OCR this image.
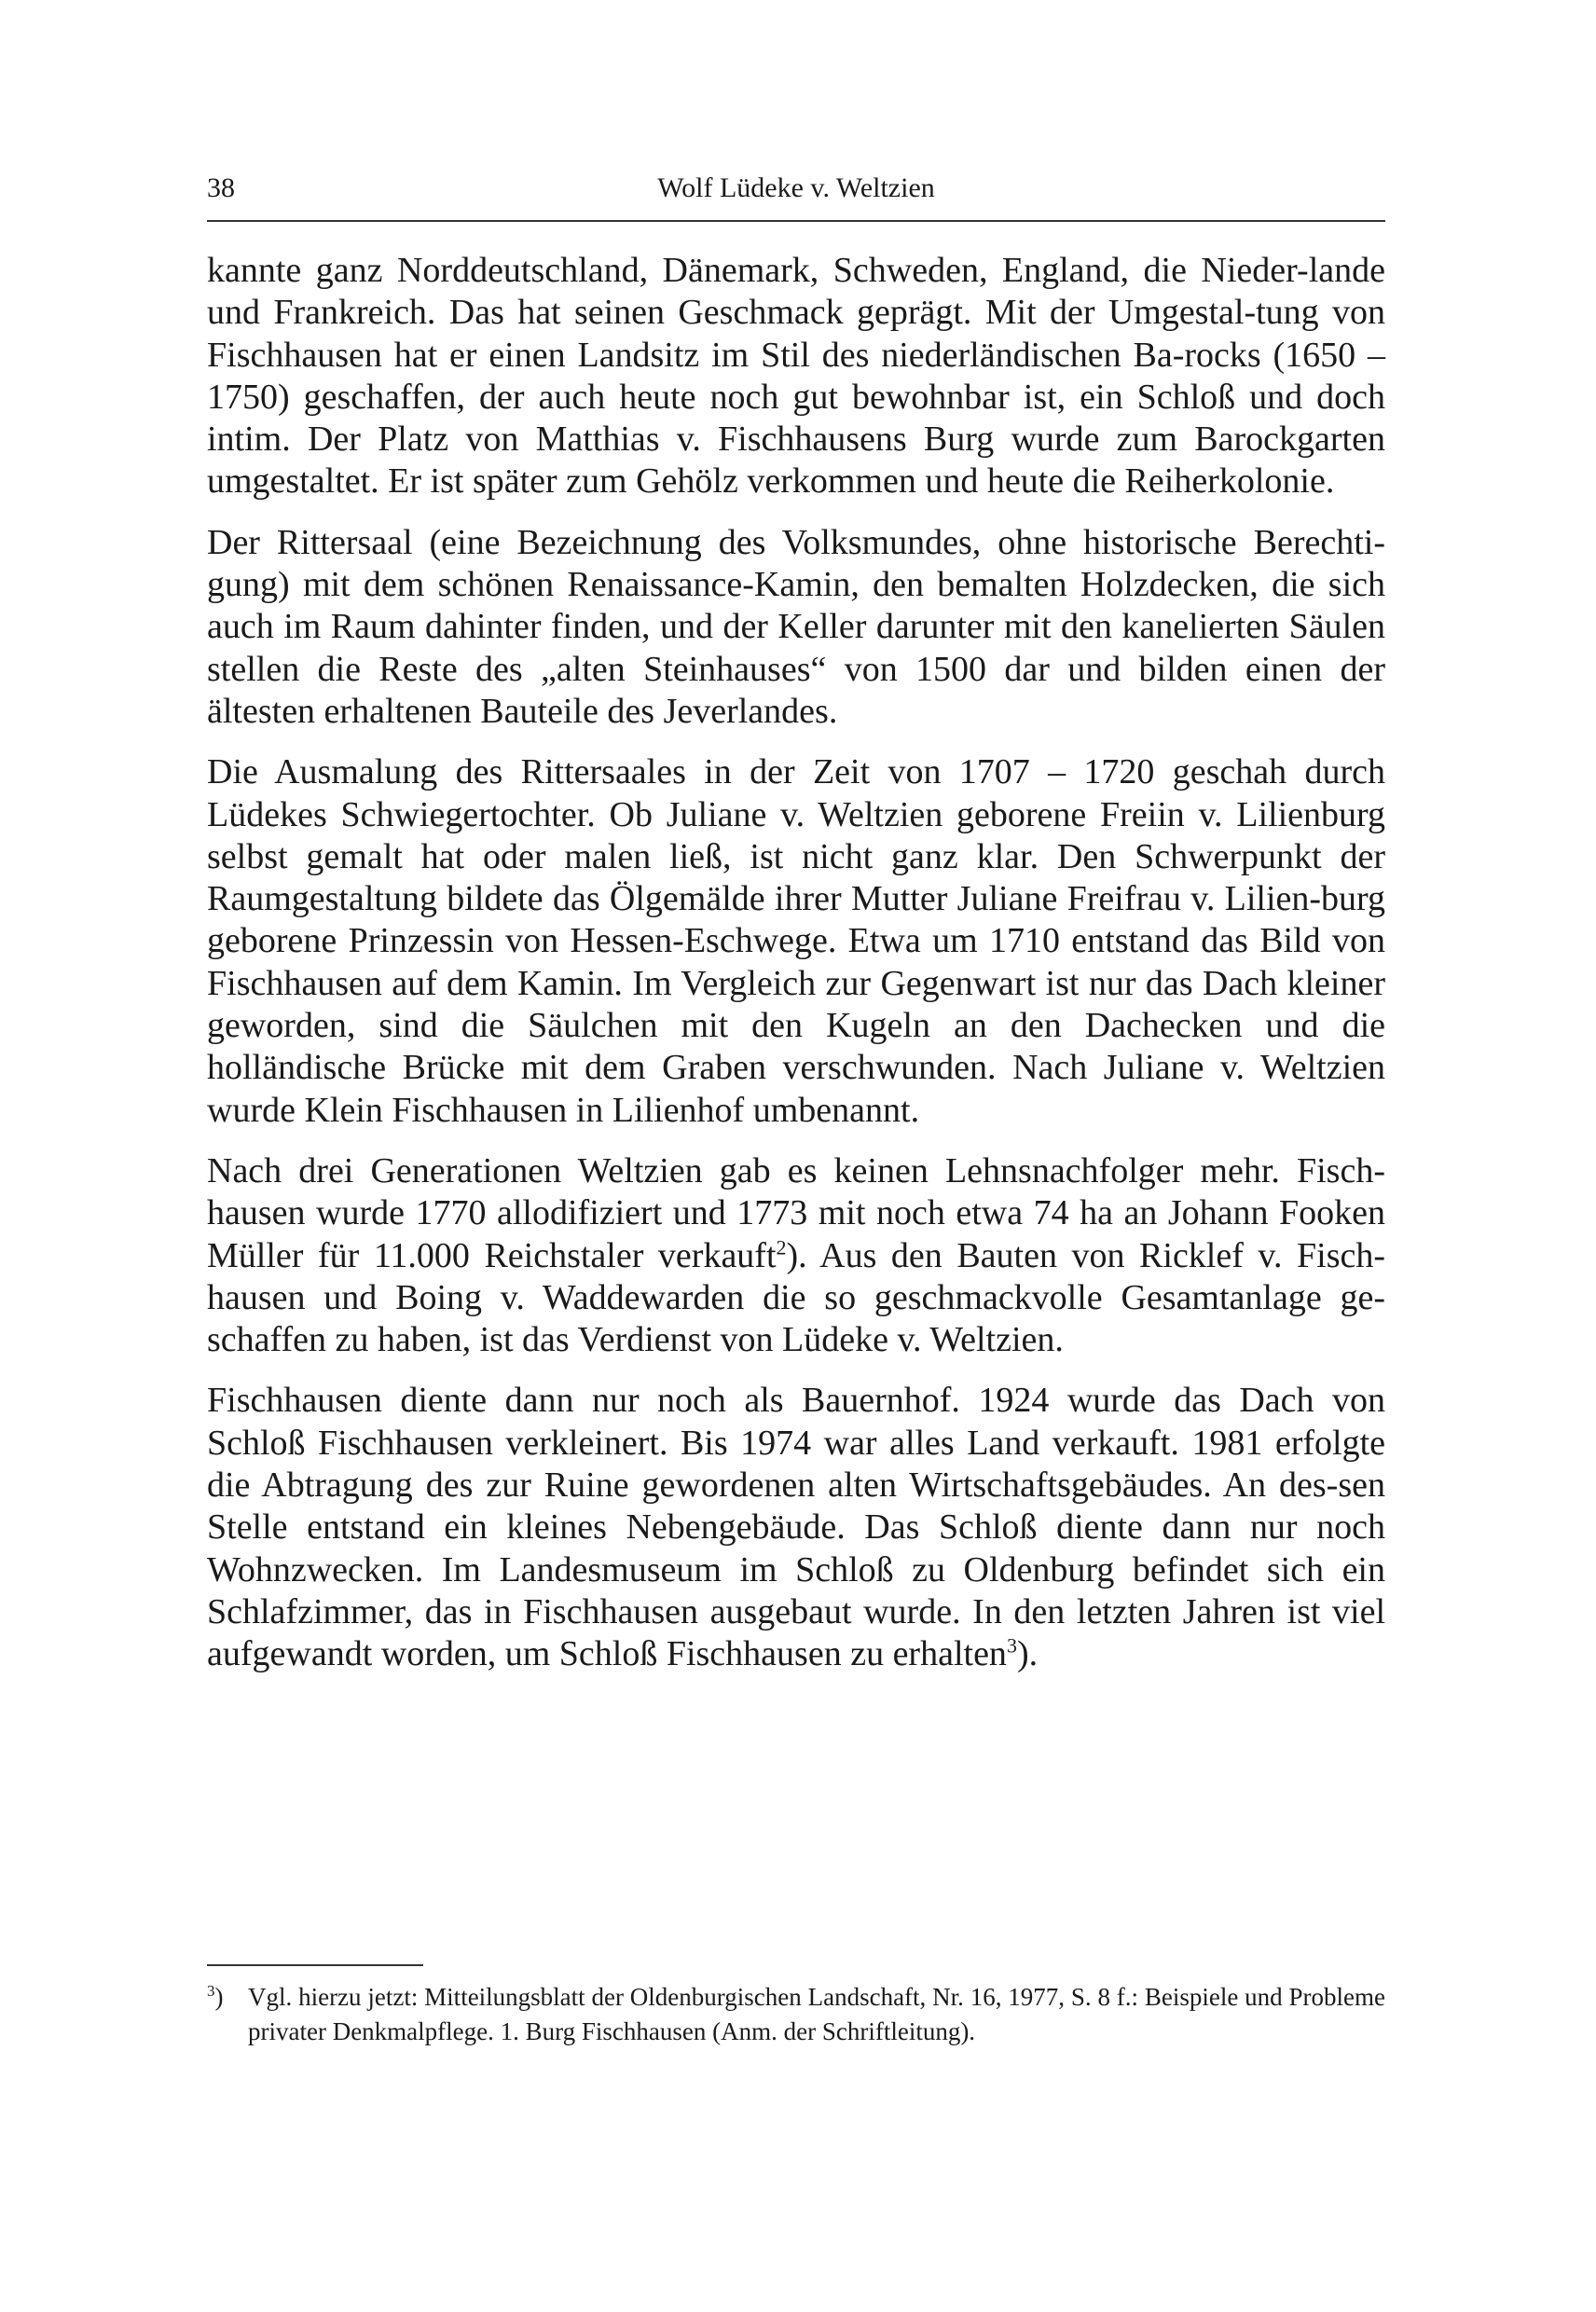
38	Wolf Lüdeke v. Weltzien

kannte ganz Norddeutschland, Dänemark, Schweden, England, die Nieder-lande und Frankreich. Das hat seinen Geschmack geprägt. Mit der Umgestal-tung von Fischhausen hat er einen Landsitz im Stil des niederländischen Ba-rocks (1650 – 1750) geschaffen, der auch heute noch gut bewohnbar ist, ein Schloß und doch intim. Der Platz von Matthias v. Fischhausens Burg wurde zum Barockgarten umgestaltet. Er ist später zum Gehölz verkommen und heute die Reiherkolonie.

Der Rittersaal (eine Bezeichnung des Volksmundes, ohne historische Berechti-gung) mit dem schönen Renaissance-Kamin, den bemalten Holzdecken, die sich auch im Raum dahinter finden, und der Keller darunter mit den kanelierten Säulen stellen die Reste des „alten Steinhauses“ von 1500 dar und bilden einen der ältesten erhaltenen Bauteile des Jeverlandes.

Die Ausmalung des Rittersaales in der Zeit von 1707 – 1720 geschah durch Lüdekes Schwiegertochter. Ob Juliane v. Weltzien geborene Freiin v. Lilienburg selbst gemalt hat oder malen ließ, ist nicht ganz klar. Den Schwerpunkt der Raumgestaltung bildete das Ölgemälde ihrer Mutter Juliane Freifrau v. Lilien-burg geborene Prinzessin von Hessen-Eschwege. Etwa um 1710 entstand das Bild von Fischhausen auf dem Kamin. Im Vergleich zur Gegenwart ist nur das Dach kleiner geworden, sind die Säulchen mit den Kugeln an den Dachecken und die holländische Brücke mit dem Graben verschwunden. Nach Juliane v. Weltzien wurde Klein Fischhausen in Lilienhof umbenannt.

Nach drei Generationen Weltzien gab es keinen Lehnsnachfolger mehr. Fisch-hausen wurde 1770 allodifiziert und 1773 mit noch etwa 74 ha an Johann Fooken Müller für 11.000 Reichstaler verkauft$^2$). Aus den Bauten von Ricklef v. Fisch-hausen und Boing v. Waddewarden die so geschmackvolle Gesamtanlage ge-schaffen zu haben, ist das Verdienst von Lüdeke v. Weltzien.

Fischhausen diente dann nur noch als Bauernhof. 1924 wurde das Dach von Schloß Fischhausen verkleinert. Bis 1974 war alles Land verkauft. 1981 erfolgte die Abtragung des zur Ruine gewordenen alten Wirtschaftsgebäudes. An des-sen Stelle entstand ein kleines Nebengebäude. Das Schloß diente dann nur noch Wohnzwecken. Im Landesmuseum im Schloß zu Oldenburg befindet sich ein Schlafzimmer, das in Fischhausen ausgebaut wurde. In den letzten Jahren ist viel aufgewandt worden, um Schloß Fischhausen zu erhalten$^3$).

$^3$) Vgl. hierzu jetzt: Mitteilungsblatt der Oldenburgischen Landschaft, Nr. 16, 1977, S. 8 f.: Beispiele und Probleme privater Denkmalpflege. 1. Burg Fischhausen (Anm. der Schriftleitung).
